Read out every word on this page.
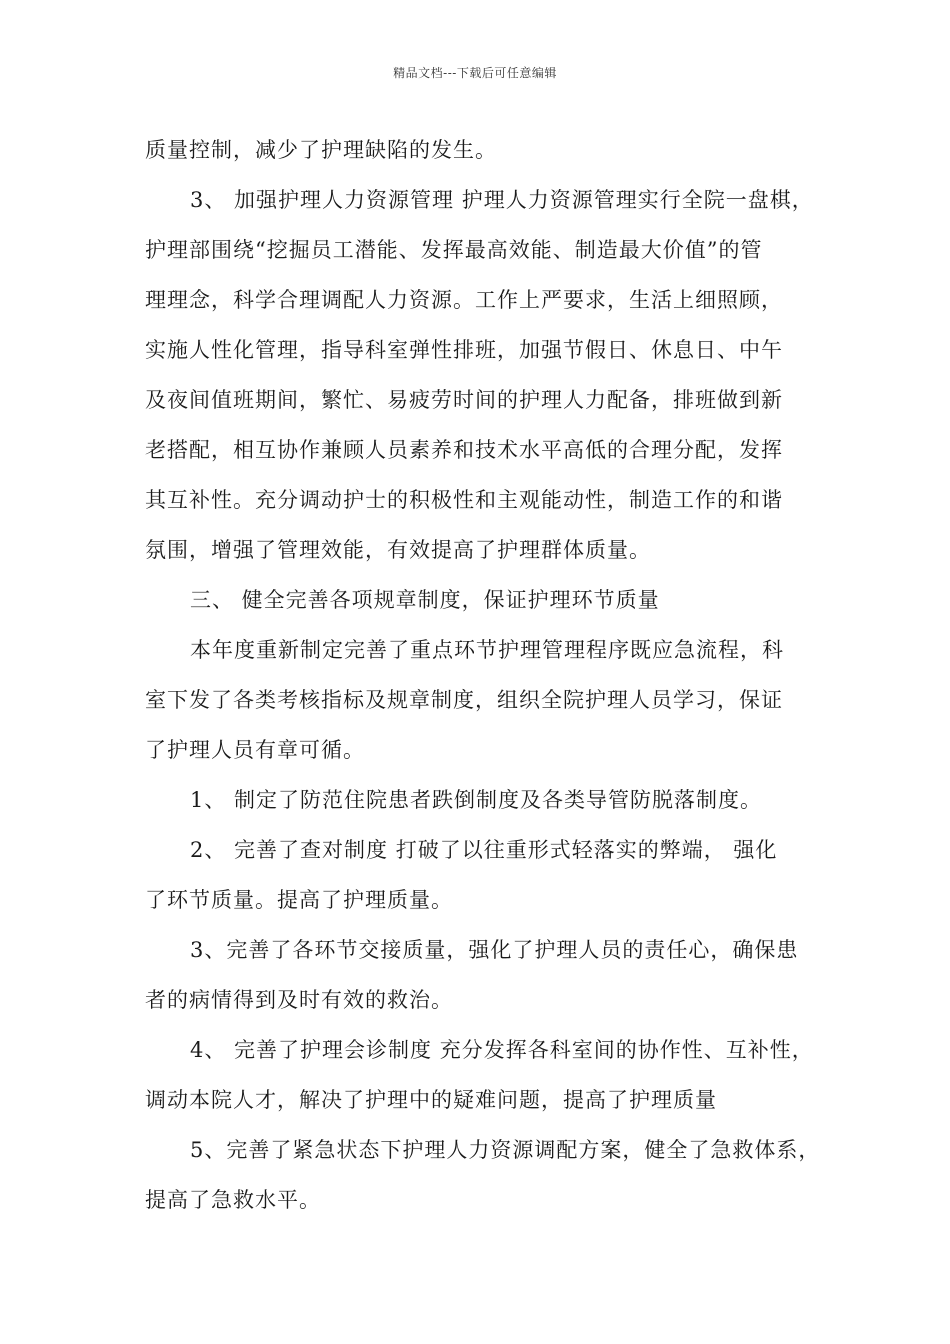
精品文档---下载后可任意编辑
质量控制，减少了护理缺陷的发生。
3、 加强护理人力资源管理 护理人力资源管理实行全院一盘棋，
护理部围绕“挖掘员工潜能、发挥最高效能、制造最大价值”的管
理理念，科学合理调配人力资源。工作上严要求，生活上细照顾，
实施人性化管理，指导科室弹性排班，加强节假日、休息日、中午
及夜间值班期间，繁忙、易疲劳时间的护理人力配备，排班做到新
老搭配，相互协作兼顾人员素养和技术水平高低的合理分配，发挥
其互补性。充分调动护士的积极性和主观能动性，制造工作的和谐
氛围，增强了管理效能，有效提高了护理群体质量。
三、 健全完善各项规章制度，保证护理环节质量
本年度重新制定完善了重点环节护理管理程序既应急流程，科
室下发了各类考核指标及规章制度，组织全院护理人员学习，保证
了护理人员有章可循。
1、 制定了防范住院患者跌倒制度及各类导管防脱落制度。
2、 完善了查对制度 打破了以往重形式轻落实的弊端， 强化
了环节质量。提高了护理质量。
3、完善了各环节交接质量，强化了护理人员的责任心，确保患
者的病情得到及时有效的救治。
4、 完善了护理会诊制度 充分发挥各科室间的协作性、互补性，
调动本院人才，解决了护理中的疑难问题，提高了护理质量
5、完善了紧急状态下护理人力资源调配方案，健全了急救体系，
提高了急救水平。
